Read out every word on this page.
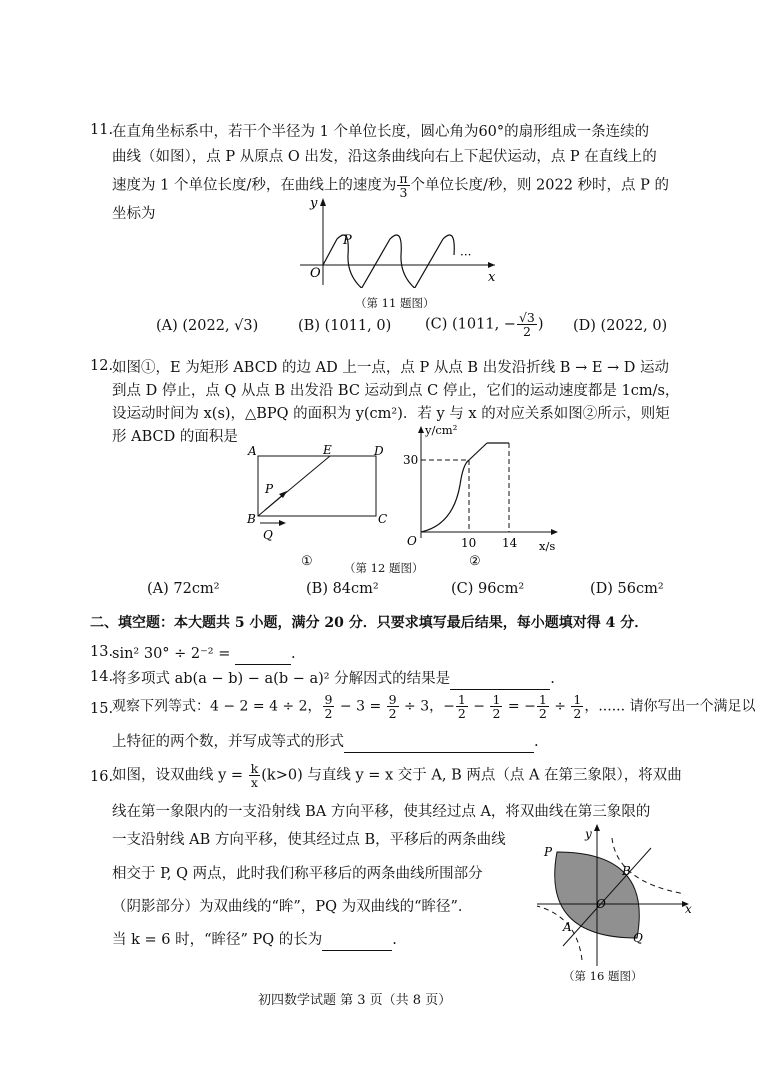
11.
在直角坐标系中，若干个半径为 1 个单位长度，圆心角为60°的扇形组成一条连续的
曲线（如图），点 P 从原点 O 出发，沿这条曲线向右上下起伏运动，点 P 在直线上的
速度为 1 个单位长度/秒，在曲线上的速度为 $\frac{\pi}{3}$ 个单位长度/秒，则 2022 秒时，点 P 的
坐标为
y
x
O
P
···
（第 11 题图）
(A) (2022, √3)	(B) (1011, 0) (C) (1011, − $\frac{√3}{2}$ ) (D) (2022, 0)
12.
如图①，E 为矩形 ABCD 的边 AD 上一点，点 P 从点 B 出发沿折线 B → E → D 运动
到点 D 停止，点 Q 从点 B 出发沿 BC 运动到点 C 停止，它们的运动速度都是 1cm/s，
设运动时间为 x(s)，△BPQ 的面积为 y(cm²)．若 y 与 x 的对应关系如图②所示，则矩
形 ABCD 的面积是
A	E	D
B	C
P
Q
①
y/cm²
x/s
O
30
10 14
②
（第 12 题图）
(A) 72cm²	(B) 84cm²	(C) 96cm²	(D) 56cm²
二、填空题：本大题共 5 小题，满分 20 分．只要求填写最后结果，每小题填对得 4 分．
13.
sin² 30° ÷ 2⁻² =	.
14.
将多项式 ab(a − b) − a(b − a)² 分解因式的结果是	.
15.
观察下列等式：4 − 2 = 4 ÷ 2， $\frac{9}{2} - 3 = \frac{9}{2} \div 3$，− $\frac{1}{2} - \frac{1}{2}$ = − $\frac{1}{2} \div \frac{1}{2}$ ，...... 请你写出一个满足以
上特征的两个数，并写成等式的形式	.
16.
如图，设双曲线 $y = \frac{k}{x} (k>0)$ 与直线 y = x 交于 A, B 两点（点 A 在第三象限），将双曲
线在第一象限内的一支沿射线 BA 方向平移，使其经过点 A，将双曲线在第三象限的
一支沿射线 AB 方向平移，使其经过点 B，平移后的两条曲线
相交于 P, Q 两点，此时我们称平移后的两条曲线所围部分
（阴影部分）为双曲线的“眸”，PQ 为双曲线的“眸径”．
当 k = 6 时，“眸径” PQ 的长为	.
y
x
O
P
Q
A
B
（第 16 题图）
初四数学试题 第 3 页（共 8 页）
